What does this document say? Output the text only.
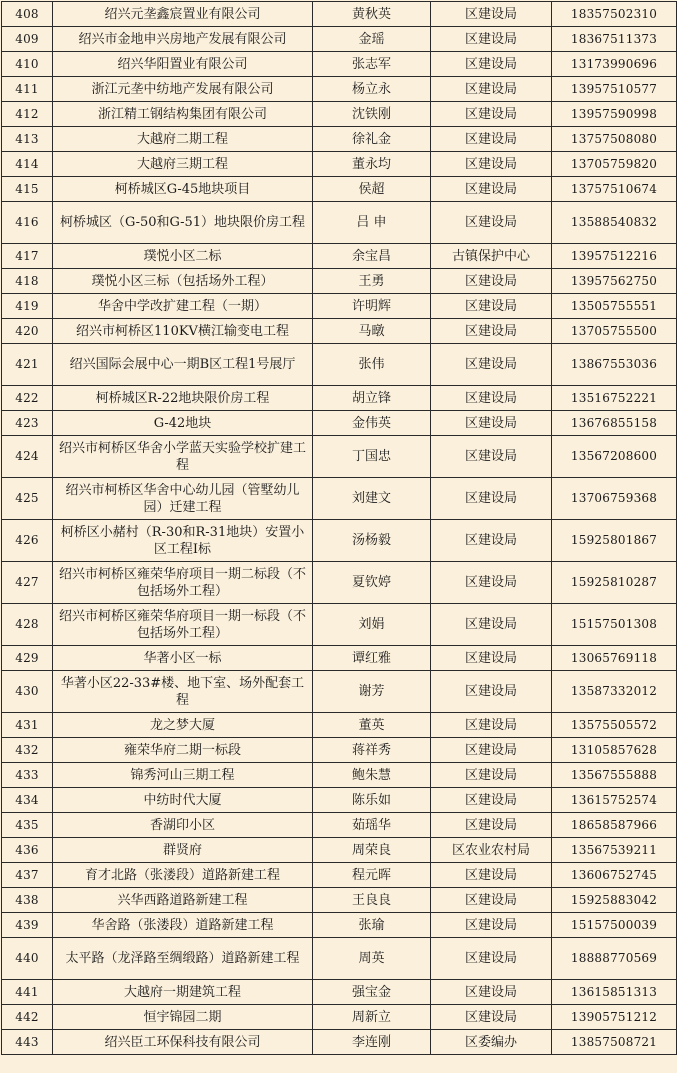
408	绍兴元垄鑫宸置业有限公司	黄秋英	区建设局	18357502310
409	绍兴市金地申兴房地产发展有限公司	金瑶	区建设局	18367511373
410	绍兴华阳置业有限公司	张志军	区建设局	13173990696
411	浙江元垄中纺地产发展有限公司	杨立永	区建设局	13957510577
412	浙江精工钢结构集团有限公司	沈铁刚	区建设局	13957590998
413	大越府二期工程	徐礼金	区建设局	13757508080
414	大越府三期工程	董永均	区建设局	13705759820
415	柯桥城区G-45地块项目	侯超	区建设局	13757510674
416	柯桥城区（G-50和G-51）地块限价房工程	吕 申	区建设局	13588540832
417	璞悦小区二标	余宝昌	古镇保护中心	13957512216
418	璞悦小区三标（包括场外工程）	王勇	区建设局	13957562750
419	华舍中学改扩建工程（一期）	许明辉	区建设局	13505755551
420	绍兴市柯桥区110KV横江输变电工程	马暾	区建设局	13705755500
421	绍兴国际会展中心一期B区工程1号展厅	张伟	区建设局	13867553036
422	柯桥城区R-22地块限价房工程	胡立锋	区建设局	13516752221
423	G-42地块	金伟英	区建设局	13676855158
424	绍兴市柯桥区华舍小学蓝天实验学校扩建工程	丁国忠	区建设局	13567208600
425	绍兴市柯桥区华舍中心幼儿园（管墅幼儿园）迁建工程	刘建文	区建设局	13706759368
426	柯桥区小赭村（R-30和R-31地块）安置小区工程Ⅰ标	汤杨毅	区建设局	15925801867
427	绍兴市柯桥区雍荣华府项目一期二标段（不包括场外工程）	夏钦婷	区建设局	15925810287
428	绍兴市柯桥区雍荣华府项目一期一标段（不包括场外工程）	刘娟	区建设局	15157501308
429	华著小区一标	谭红雅	区建设局	13065769118
430	华著小区22-33#楼、地下室、场外配套工程	谢芳	区建设局	13587332012
431	龙之梦大厦	董英	区建设局	13575505572
432	雍荣华府二期一标段	蒋祥秀	区建设局	13105857628
433	锦秀河山三期工程	鲍朱慧	区建设局	13567555888
434	中纺时代大厦	陈乐如	区建设局	13615752574
435	香湖印小区	茹瑶华	区建设局	18658587966
436	群贤府	周荣良	区农业农村局	13567539211
437	育才北路（张溇段）道路新建工程	程元晖	区建设局	13606752745
438	兴华西路道路新建工程	王良良	区建设局	15925883042
439	华舍路（张溇段）道路新建工程	张瑜	区建设局	15157500039
440	太平路（龙泽路至绸缎路）道路新建工程	周英	区建设局	18888770569
441	大越府一期建筑工程	强宝金	区建设局	13615851313
442	恒宇锦园二期	周新立	区建设局	13905751212
443	绍兴臣工环保科技有限公司	李连刚	区委编办	13857508721
